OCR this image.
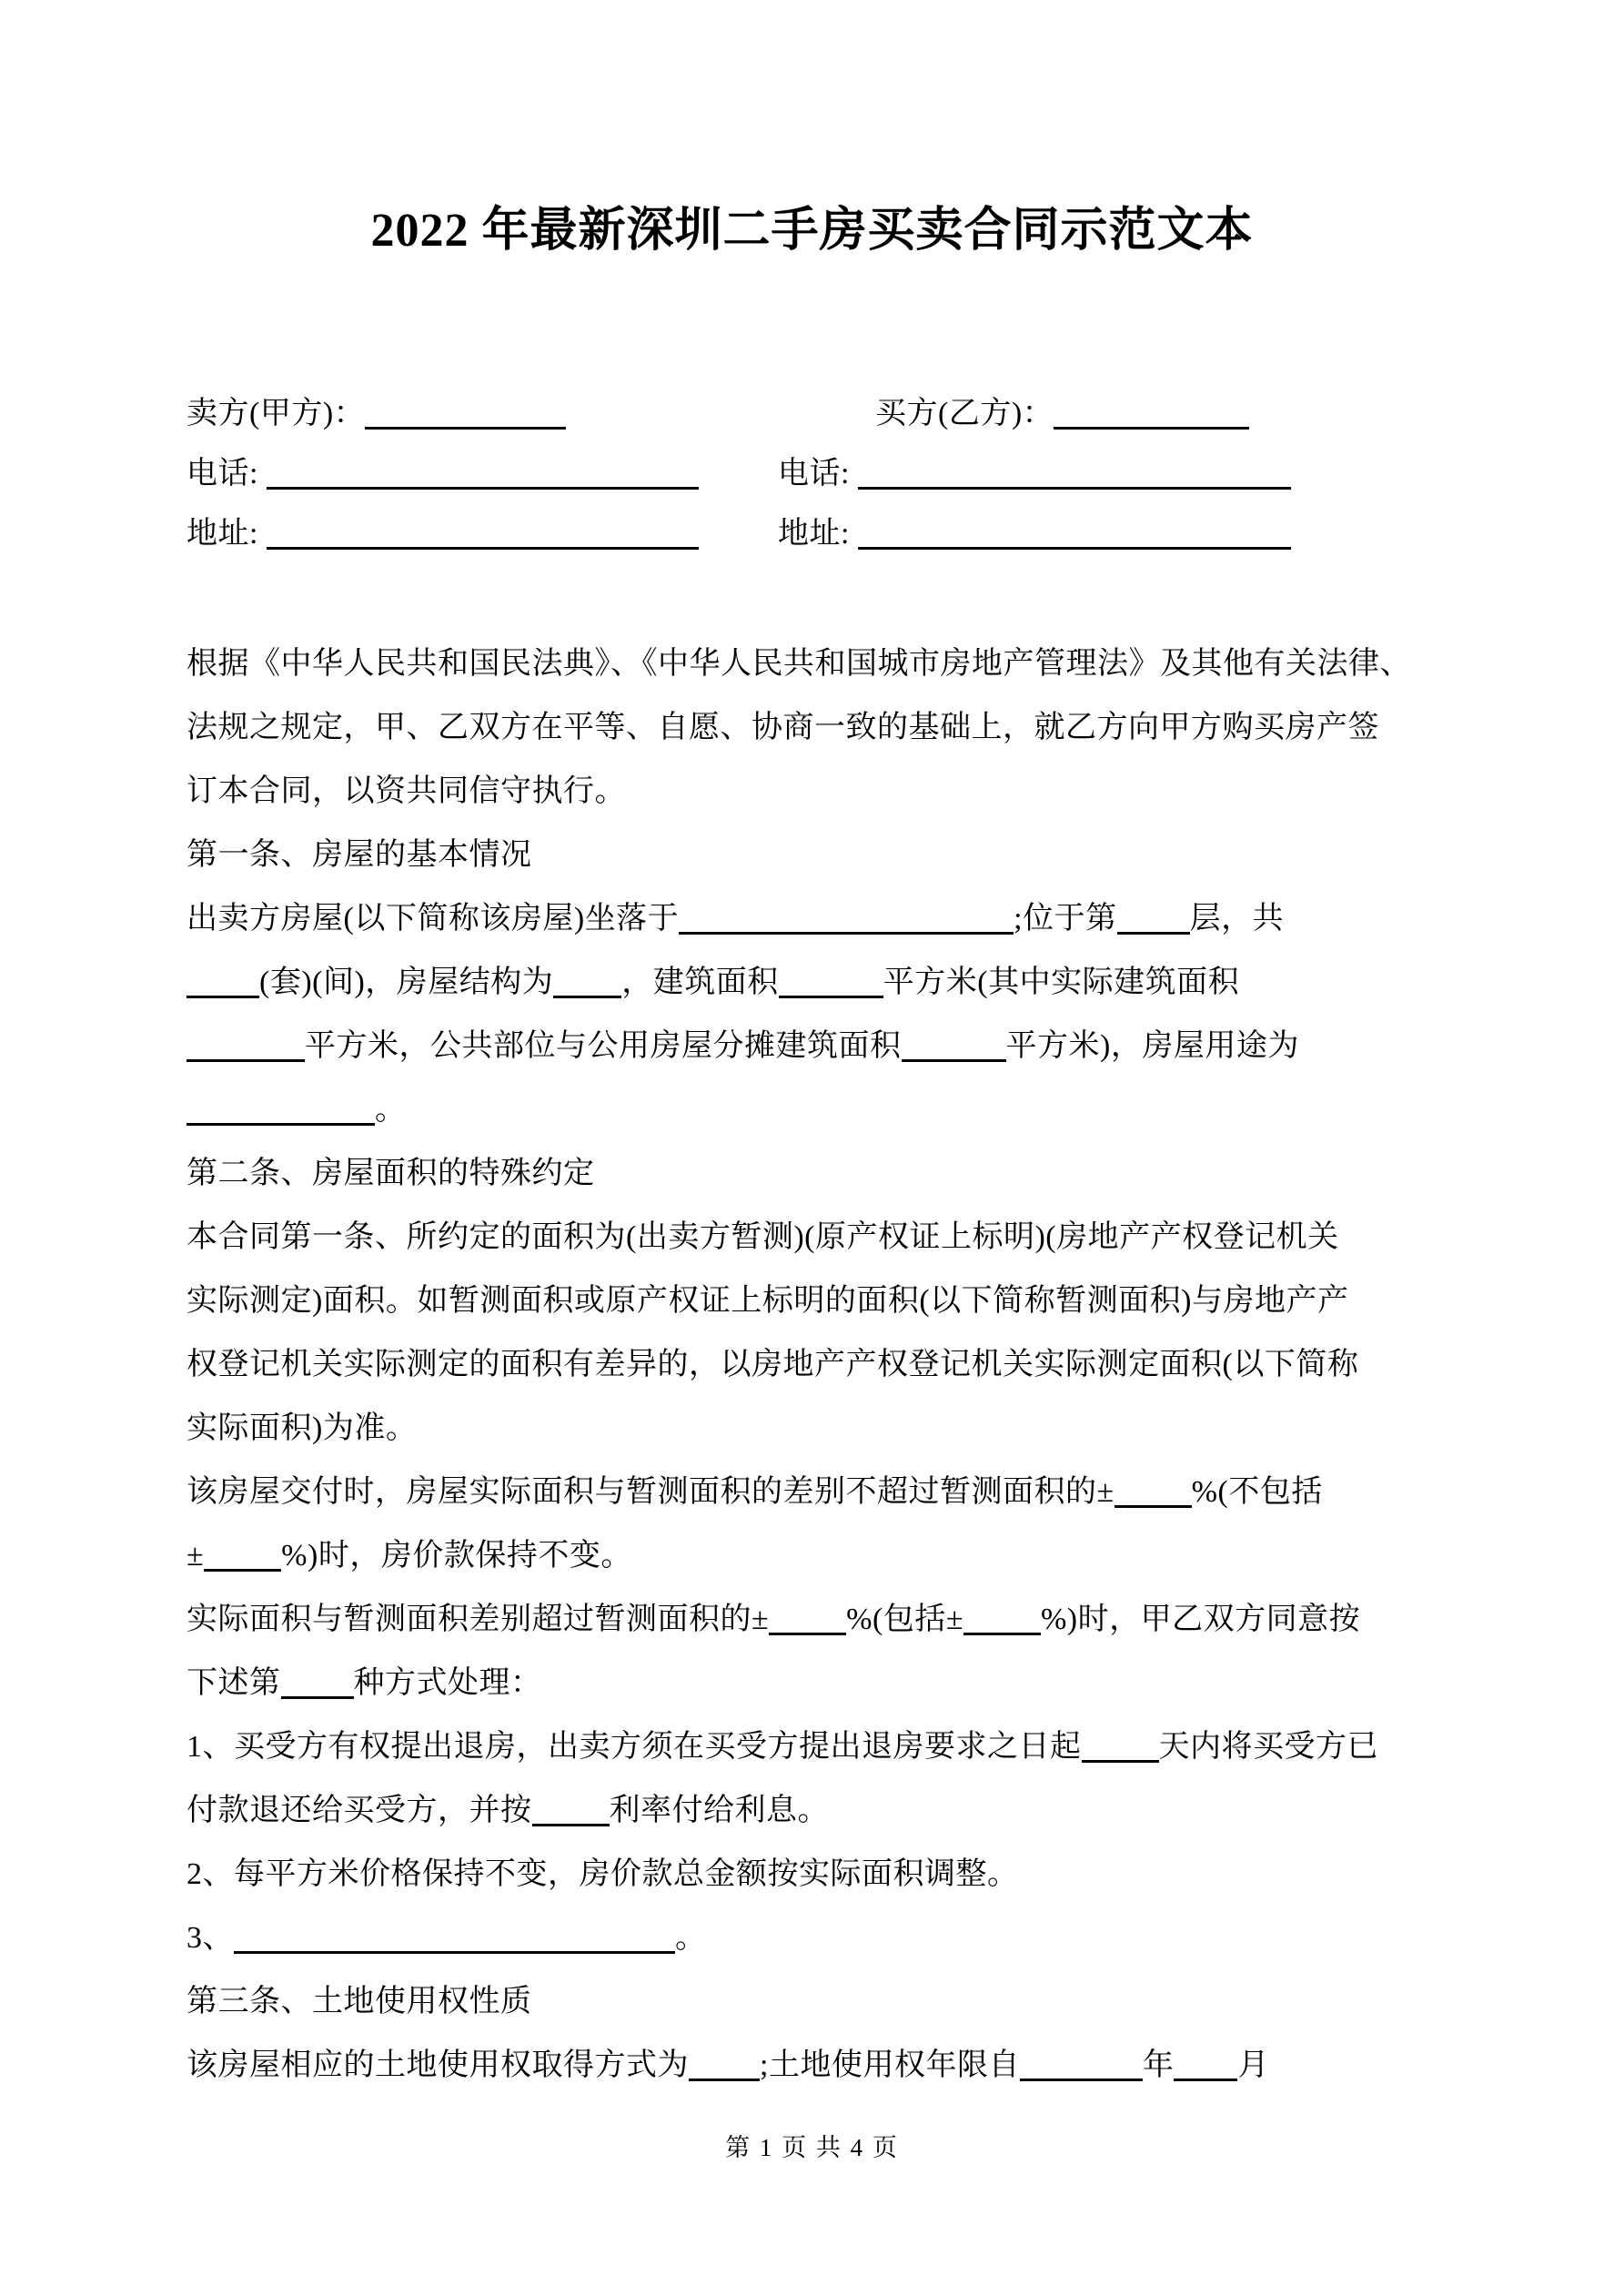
2022 年最新深圳二手房买卖合同示范文本
卖方(甲方)：	买方(乙方)：
电话:	电话:
地址:	地址:
根据《中华人民共和国民法典》、《中华人民共和国城市房地产管理法》及其他有关法律、
法规之规定，甲、乙双方在平等、自愿、协商一致的基础上，就乙方向甲方购买房产签
订本合同，以资共同信守执行。
第一条、房屋的基本情况
出卖方房屋(以下简称该房屋)坐落于	;位于第 层，共
(套)(间)，房屋结构为 ，建筑面积	平方米(其中实际建筑面积
平方米，公共部位与公用房屋分摊建筑面积	平方米)，房屋用途为
。
第二条、房屋面积的特殊约定
本合同第一条、所约定的面积为(出卖方暂测)(原产权证上标明)(房地产产权登记机关
实际测定)面积。如暂测面积或原产权证上标明的面积(以下简称暂测面积)与房地产产
权登记机关实际测定的面积有差异的，以房地产产权登记机关实际测定面积(以下简称
实际面积)为准。
该房屋交付时，房屋实际面积与暂测面积的差别不超过暂测面积的±	%(不包括
±	%)时，房价款保持不变。
实际面积与暂测面积差别超过暂测面积的±	%(包括±	%)时，甲乙双方同意按
下述第 种方式处理：
1、买受方有权提出退房，出卖方须在买受方提出退房要求之日起	天内将买受方已
付款退还给买受方，并按	利率付给利息。
2、每平方米价格保持不变，房价款总金额按实际面积调整。
3、	。
第三条、土地使用权性质
该房屋相应的土地使用权取得方式为 ;土地使用权年限自	年 月
第 1 页 共 4 页
